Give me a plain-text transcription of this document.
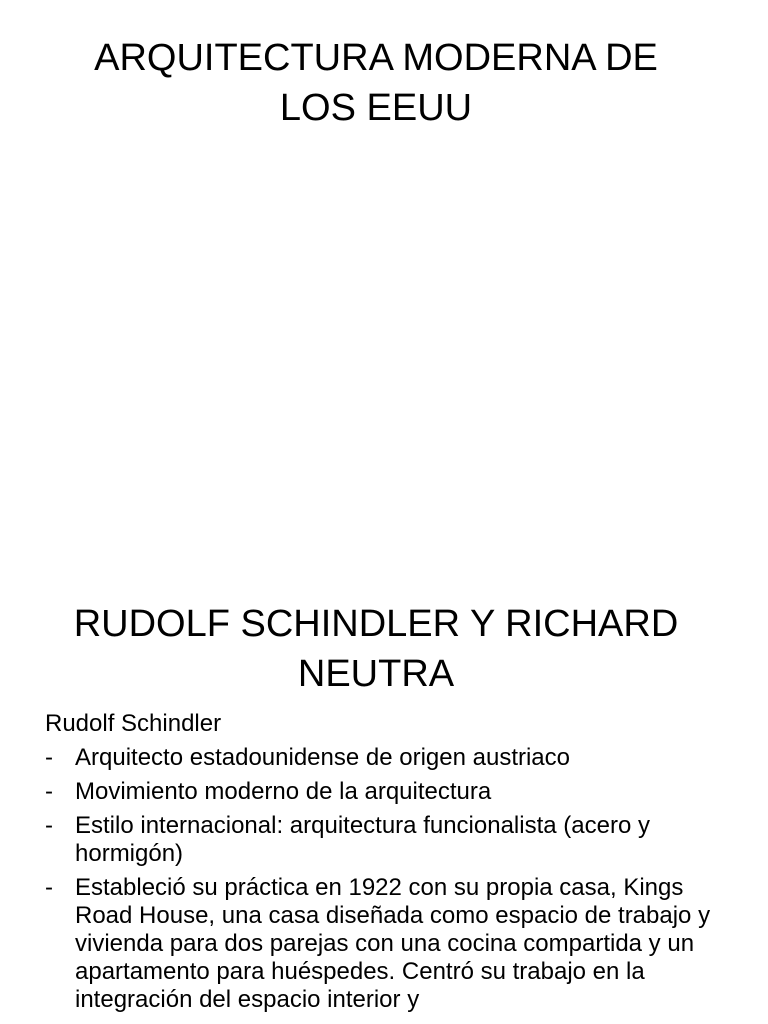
ARQUITECTURA MODERNA DE
LOS EEUU
RUDOLF SCHINDLER Y RICHARD
NEUTRA
Rudolf Schindler
- Arquitecto estadounidense de origen austriaco
- Movimiento moderno de la arquitectura
- Estilo internacional: arquitectura funcionalista (acero y hormigón)
- Estableció su práctica en 1922 con su propia casa, Kings Road House, una casa diseñada como espacio de trabajo y vivienda para dos parejas con una cocina compartida y un apartamento para huéspedes. Centró su trabajo en la integración del espacio interior y
